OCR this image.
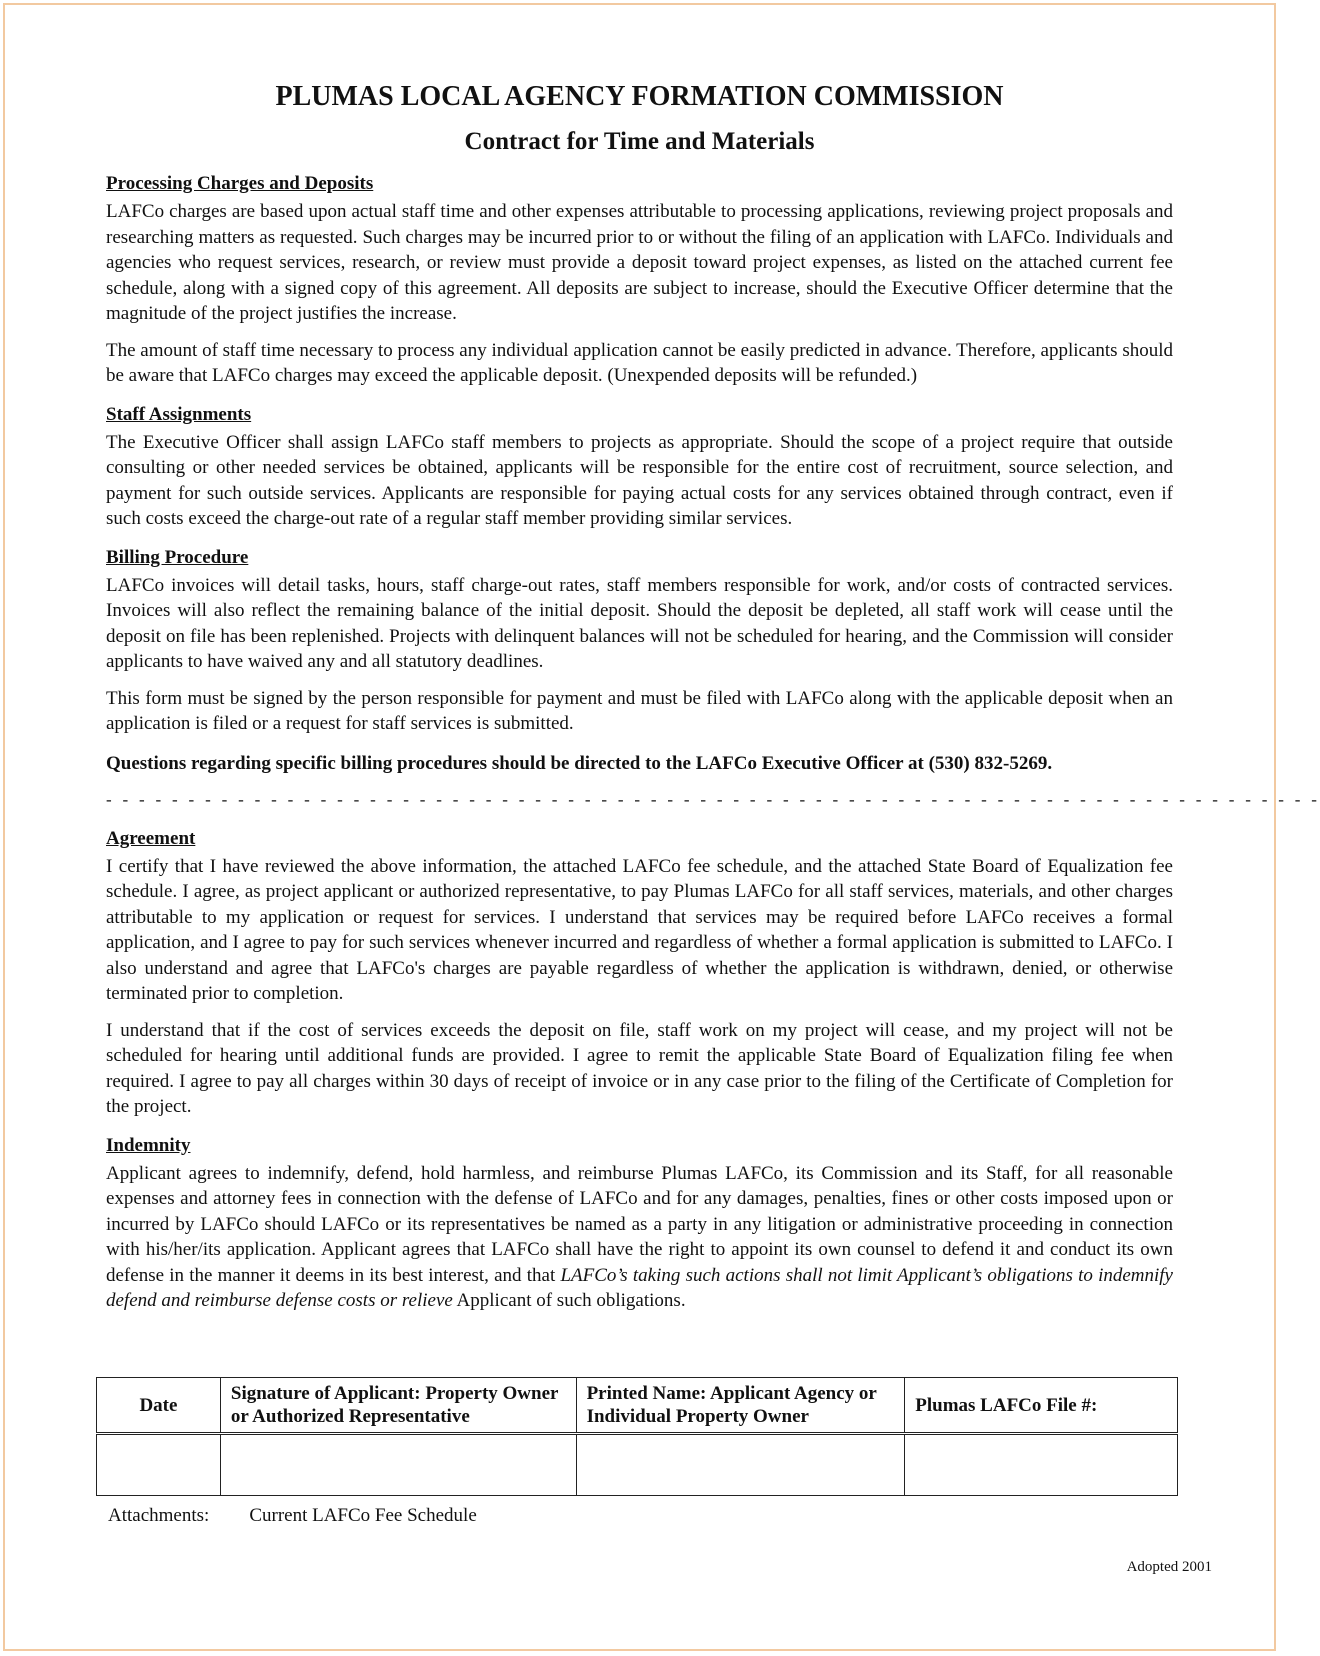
PLUMAS LOCAL AGENCY FORMATION COMMISSION
Contract for Time and Materials
Processing Charges and Deposits

LAFCo charges are based upon actual staff time and other expenses attributable to processing applications, reviewing project proposals and researching matters as requested. Such charges may be incurred prior to or without the filing of an application with LAFCo. Individuals and agencies who request services, research, or review must provide a deposit toward project expenses, as listed on the attached current fee schedule, along with a signed copy of this agreement. All deposits are subject to increase, should the Executive Officer determine that the magnitude of the project justifies the increase.

The amount of staff time necessary to process any individual application cannot be easily predicted in advance. Therefore, applicants should be aware that LAFCo charges may exceed the applicable deposit. (Unexpended deposits will be refunded.)

Staff Assignments

The Executive Officer shall assign LAFCo staff members to projects as appropriate. Should the scope of a project require that outside consulting or other needed services be obtained, applicants will be responsible for the entire cost of recruitment, source selection, and payment for such outside services. Applicants are responsible for paying actual costs for any services obtained through contract, even if such costs exceed the charge-out rate of a regular staff member providing similar services.

Billing Procedure

LAFCo invoices will detail tasks, hours, staff charge-out rates, staff members responsible for work, and/or costs of contracted services. Invoices will also reflect the remaining balance of the initial deposit. Should the deposit be depleted, all staff work will cease until the deposit on file has been replenished. Projects with delinquent balances will not be scheduled for hearing, and the Commission will consider applicants to have waived any and all statutory deadlines.

This form must be signed by the person responsible for payment and must be filed with LAFCo along with the applicable deposit when an application is filed or a request for staff services is submitted.

Questions regarding specific billing procedures should be directed to the LAFCo Executive Officer at (530) 832-5269.

- - - - - - - - - - - - - - - - - - - - - - - - - - - - - - - - - - - - - - - - - - - - - - - - - - - - - - - - - - - - - - - - - - - - - - - - - -
Agreement

I certify that I have reviewed the above information, the attached LAFCo fee schedule, and the attached State Board of Equalization fee schedule. I agree, as project applicant or authorized representative, to pay Plumas LAFCo for all staff services, materials, and other charges attributable to my application or request for services. I understand that services may be required before LAFCo receives a formal application, and I agree to pay for such services whenever incurred and regardless of whether a formal application is submitted to LAFCo. I also understand and agree that LAFCo's charges are payable regardless of whether the application is withdrawn, denied, or otherwise terminated prior to completion.

I understand that if the cost of services exceeds the deposit on file, staff work on my project will cease, and my project will not be scheduled for hearing until additional funds are provided. I agree to remit the applicable State Board of Equalization filing fee when required. I agree to pay all charges within 30 days of receipt of invoice or in any case prior to the filing of the Certificate of Completion for the project.

Indemnity

Applicant agrees to indemnify, defend, hold harmless, and reimburse Plumas LAFCo, its Commission and its Staff, for all reasonable expenses and attorney fees in connection with the defense of LAFCo and for any damages, penalties, fines or other costs imposed upon or incurred by LAFCo should LAFCo or its representatives be named as a party in any litigation or administrative proceeding in connection with his/her/its application. Applicant agrees that LAFCo shall have the right to appoint its own counsel to defend it and conduct its own defense in the manner it deems in its best interest, and that LAFCo’s taking such actions shall not limit Applicant’s obligations to indemnify defend and reimburse defense costs or relieve Applicant of such obligations.

Date	Signature of Applicant: Property Owner or Authorized Representative	Printed Name: Applicant Agency or Individual Property Owner	Plumas LAFCo File #:

Attachments: Current LAFCo Fee Schedule
Adopted 2001
